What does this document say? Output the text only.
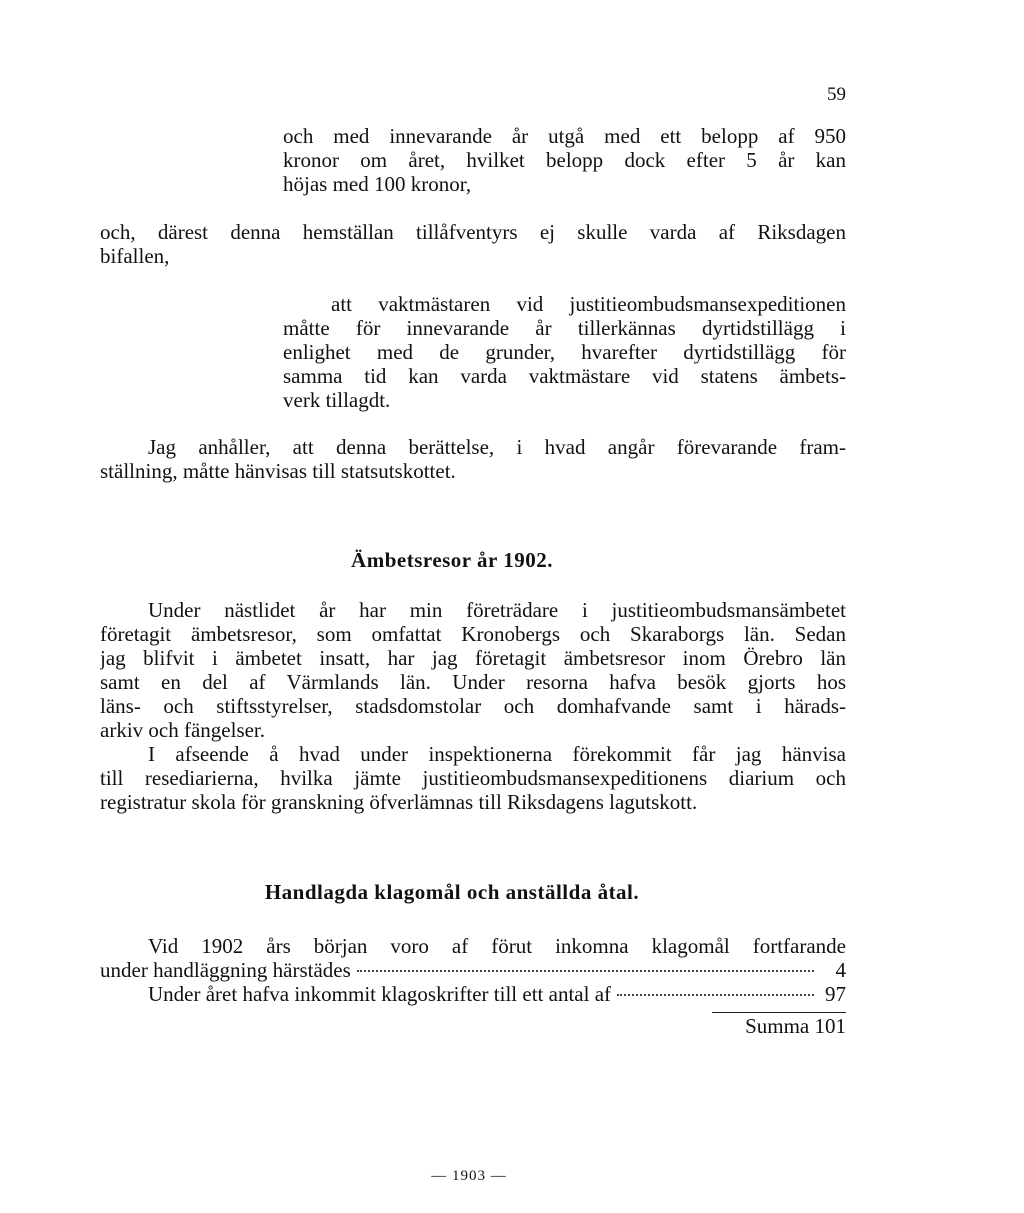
59
och med innevarande år utgå med ett belopp af 950
kronor om året, hvilket belopp dock efter 5 år kan
höjas med 100 kronor,
och, därest denna hemställan tillåfventyrs ej skulle varda af Riksdagen
bifallen,
att vaktmästaren vid justitieombudsmansexpeditionen
måtte för innevarande år tillerkännas dyrtidstillägg i
enlighet med de grunder, hvarefter dyrtidstillägg för
samma tid kan varda vaktmästare vid statens ämbets-
verk tillagdt.
Jag anhåller, att denna berättelse, i hvad angår förevarande fram-
ställning, måtte hänvisas till statsutskottet.
Ämbetsresor år 1902.
Under nästlidet år har min företrädare i justitieombudsmansämbetet
företagit ämbetsresor, som omfattat Kronobergs och Skaraborgs län. Sedan
jag blifvit i ämbetet insatt, har jag företagit ämbetsresor inom Örebro län
samt en del af Värmlands län. Under resorna hafva besök gjorts hos
läns- och stiftsstyrelser, stadsdomstolar och domhafvande samt i härads-
arkiv och fängelser.
I afseende å hvad under inspektionerna förekommit får jag hänvisa
till resediarierna, hvilka jämte justitieombudsmansexpeditionens diarium och
registratur skola för granskning öfverlämnas till Riksdagens lagutskott.
Handlagda klagomål och anställda åtal.
Vid 1902 års början voro af förut inkomna klagomål fortfarande
under handläggning härstädes	4
Under året hafva inkommit klagoskrifter till ett antal af	97
Summa 101
— 1903 —
